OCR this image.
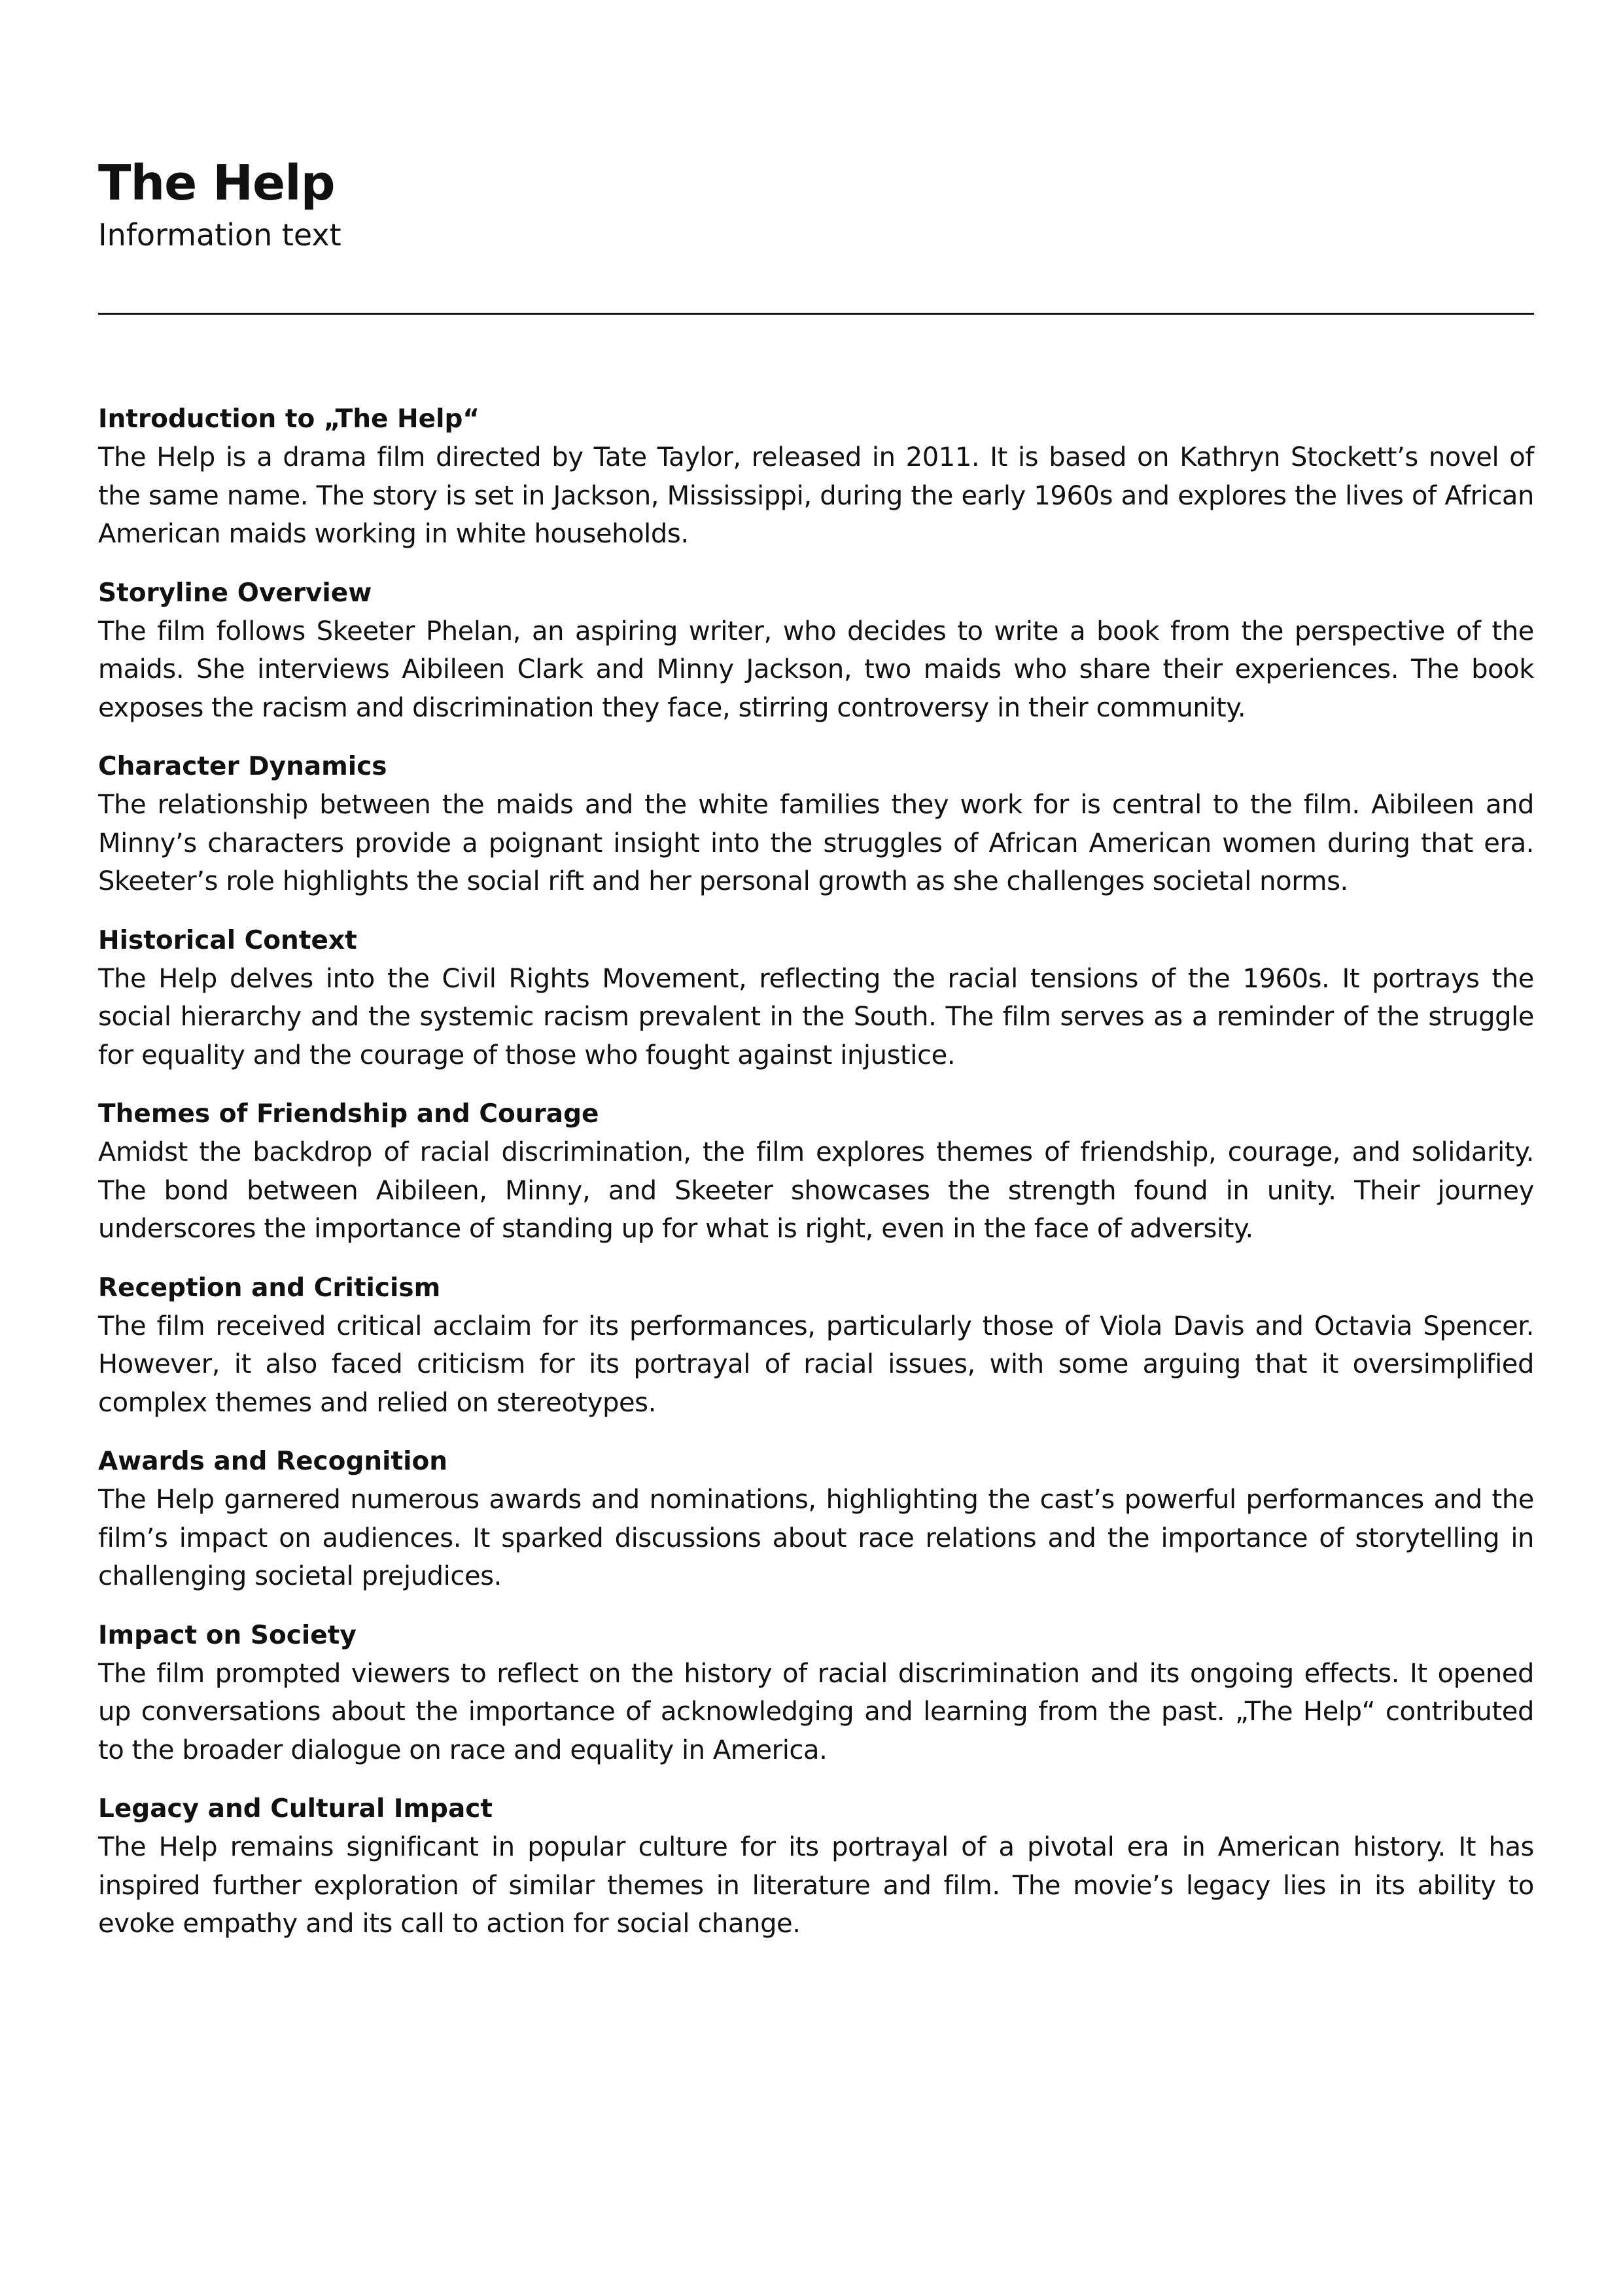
The Help

Information text

Introduction to „The Help“

The Help is a drama film directed by Tate Taylor, released in 2011. It is based on Kathryn Stockett’s novel of the same name. The story is set in Jackson, Mississippi, during the early 1960s and explores the lives of African American maids working in white households.

Storyline Overview

The film follows Skeeter Phelan, an aspiring writer, who decides to write a book from the perspective of the maids. She interviews Aibileen Clark and Minny Jackson, two maids who share their experiences. The book exposes the racism and discrimination they face, stirring controversy in their community.

Character Dynamics

The relationship between the maids and the white families they work for is central to the film. Aibileen and Minny’s characters provide a poignant insight into the struggles of African American women during that era. Skeeter’s role highlights the social rift and her personal growth as she challenges societal norms.

Historical Context

The Help delves into the Civil Rights Movement, reflecting the racial tensions of the 1960s. It portrays the social hierarchy and the systemic racism prevalent in the South. The film serves as a reminder of the struggle for equality and the courage of those who fought against injustice.

Themes of Friendship and Courage

Amidst the backdrop of racial discrimination, the film explores themes of friendship, courage, and solidarity. The bond between Aibileen, Minny, and Skeeter showcases the strength found in unity. Their journey underscores the importance of standing up for what is right, even in the face of adversity.

Reception and Criticism

The film received critical acclaim for its performances, particularly those of Viola Davis and Octavia Spencer. However, it also faced criticism for its portrayal of racial issues, with some arguing that it oversimplified complex themes and relied on stereotypes.

Awards and Recognition

The Help garnered numerous awards and nominations, highlighting the cast’s powerful performances and the film’s impact on audiences. It sparked discussions about race relations and the importance of storytelling in challenging societal prejudices.

Impact on Society

The film prompted viewers to reflect on the history of racial discrimination and its ongoing effects. It opened up conversations about the importance of acknowledging and learning from the past. „The Help“ contributed to the broader dialogue on race and equality in America.

Legacy and Cultural Impact

The Help remains significant in popular culture for its portrayal of a pivotal era in American history. It has inspired further exploration of similar themes in literature and film. The movie’s legacy lies in its ability to evoke empathy and its call to action for social change.
